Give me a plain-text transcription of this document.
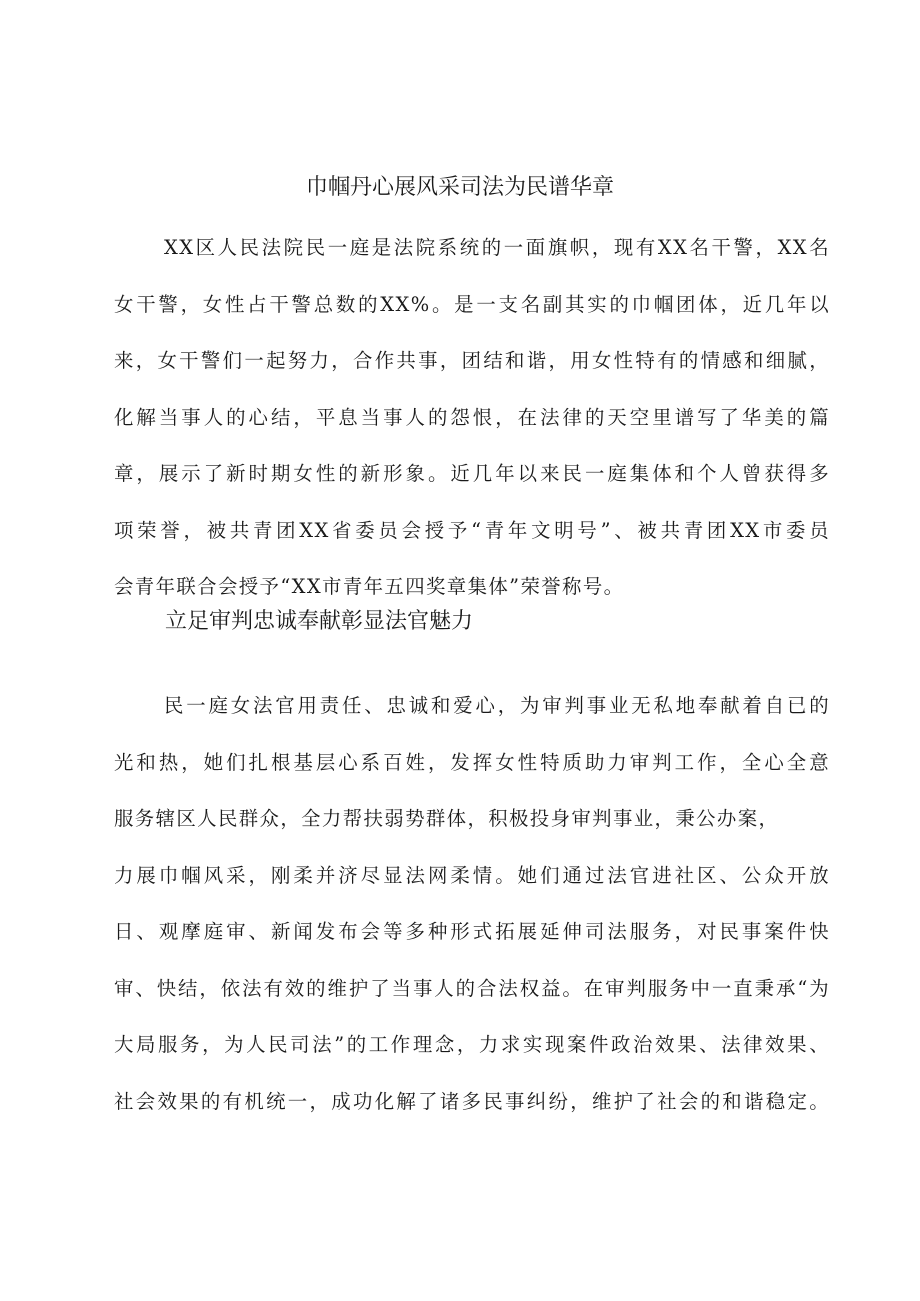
巾帼丹心展风采司法为民谱华章
XX区人民法院民一庭是法院系统的一面旗帜，现有XX名干警，XX名
女干警，女性占干警总数的XX%。是一支名副其实的巾帼团体，近几年以
来，女干警们一起努力，合作共事，团结和谐，用女性特有的情感和细腻，
化解当事人的心结，平息当事人的怨恨，在法律的天空里谱写了华美的篇
章，展示了新时期女性的新形象。近几年以来民一庭集体和个人曾获得多
项荣誉，被共青团XX省委员会授予“青年文明号”、被共青团XX市委员
会青年联合会授予“XX市青年五四奖章集体”荣誉称号。
立足审判忠诚奉献彰显法官魅力
民一庭女法官用责任、忠诚和爱心，为审判事业无私地奉献着自已的
光和热，她们扎根基层心系百姓，发挥女性特质助力审判工作，全心全意
服务辖区人民群众，全力帮扶弱势群体，积极投身审判事业，秉公办案，
力展巾帼风采，刚柔并济尽显法网柔情。她们通过法官进社区、公众开放
日、观摩庭审、新闻发布会等多种形式拓展延伸司法服务，对民事案件快
审、快结，依法有效的维护了当事人的合法权益。在审判服务中一直秉承“为
大局服务，为人民司法”的工作理念，力求实现案件政治效果、法律效果、
社会效果的有机统一，成功化解了诸多民事纠纷，维护了社会的和谐稳定。
